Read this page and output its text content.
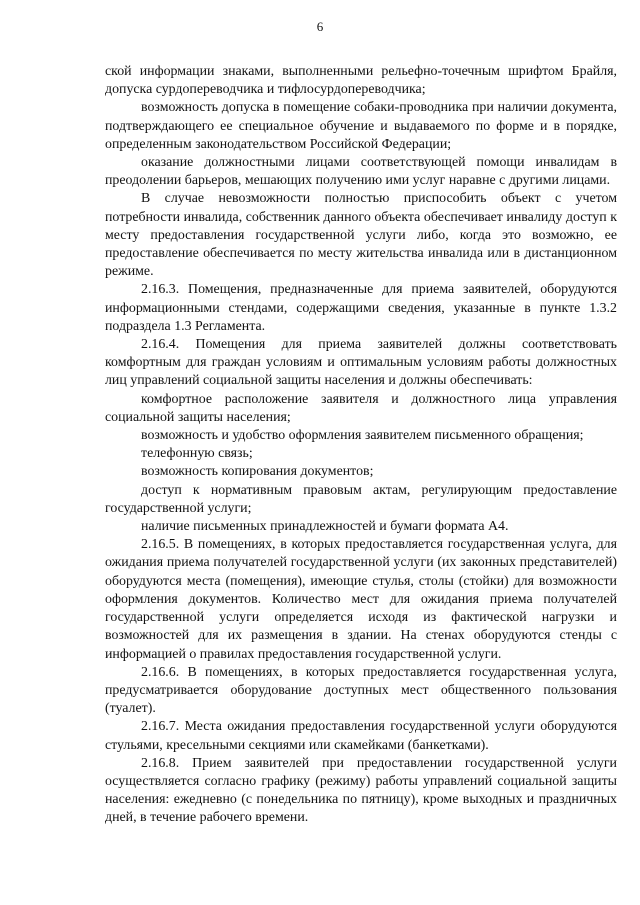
6

ской информации знаками, выполненными рельефно-точечным шрифтом Брайля, допуска сурдопереводчика и тифлосурдопереводчика;

возможность допуска в помещение собаки-проводника при наличии документа, подтверждающего ее специальное обучение и выдаваемого по форме и в порядке, определенным законодательством Российской Федерации;

оказание должностными лицами соответствующей помощи инвалидам в преодолении барьеров, мешающих получению ими услуг наравне с другими лицами.

В случае невозможности полностью приспособить объект с учетом потребности инвалида, собственник данного объекта обеспечивает инвалиду доступ к месту предоставления государственной услуги либо, когда это возможно, ее предоставление обеспечивается по месту жительства инвалида или в дистанционном режиме.

2.16.3. Помещения, предназначенные для приема заявителей, оборудуются информационными стендами, содержащими сведения, указанные в пункте 1.3.2 подраздела 1.3 Регламента.

2.16.4. Помещения для приема заявителей должны соответствовать комфортным для граждан условиям и оптимальным условиям работы должностных лиц управлений социальной защиты населения и должны обеспечивать:

комфортное расположение заявителя и должностного лица управления социальной защиты населения;

возможность и удобство оформления заявителем письменного обращения;

телефонную связь;

возможность копирования документов;

доступ к нормативным правовым актам, регулирующим предоставление государственной услуги;

наличие письменных принадлежностей и бумаги формата А4.

2.16.5. В помещениях, в которых предоставляется государственная услуга, для ожидания приема получателей государственной услуги (их законных представителей) оборудуются места (помещения), имеющие стулья, столы (стойки) для возможности оформления документов. Количество мест для ожидания приема получателей государственной услуги определяется исходя из фактической нагрузки и возможностей для их размещения в здании. На стенах оборудуются стенды с информацией о правилах предоставления государственной услуги.

2.16.6. В помещениях, в которых предоставляется государственная услуга, предусматривается оборудование доступных мест общественного пользования (туалет).

2.16.7. Места ожидания предоставления государственной услуги оборудуются стульями, кресельными секциями или скамейками (банкетками).

2.16.8. Прием заявителей при предоставлении государственной услуги осуществляется согласно графику (режиму) работы управлений социальной защиты населения: ежедневно (с понедельника по пятницу), кроме выходных и праздничных дней, в течение рабочего времени.
